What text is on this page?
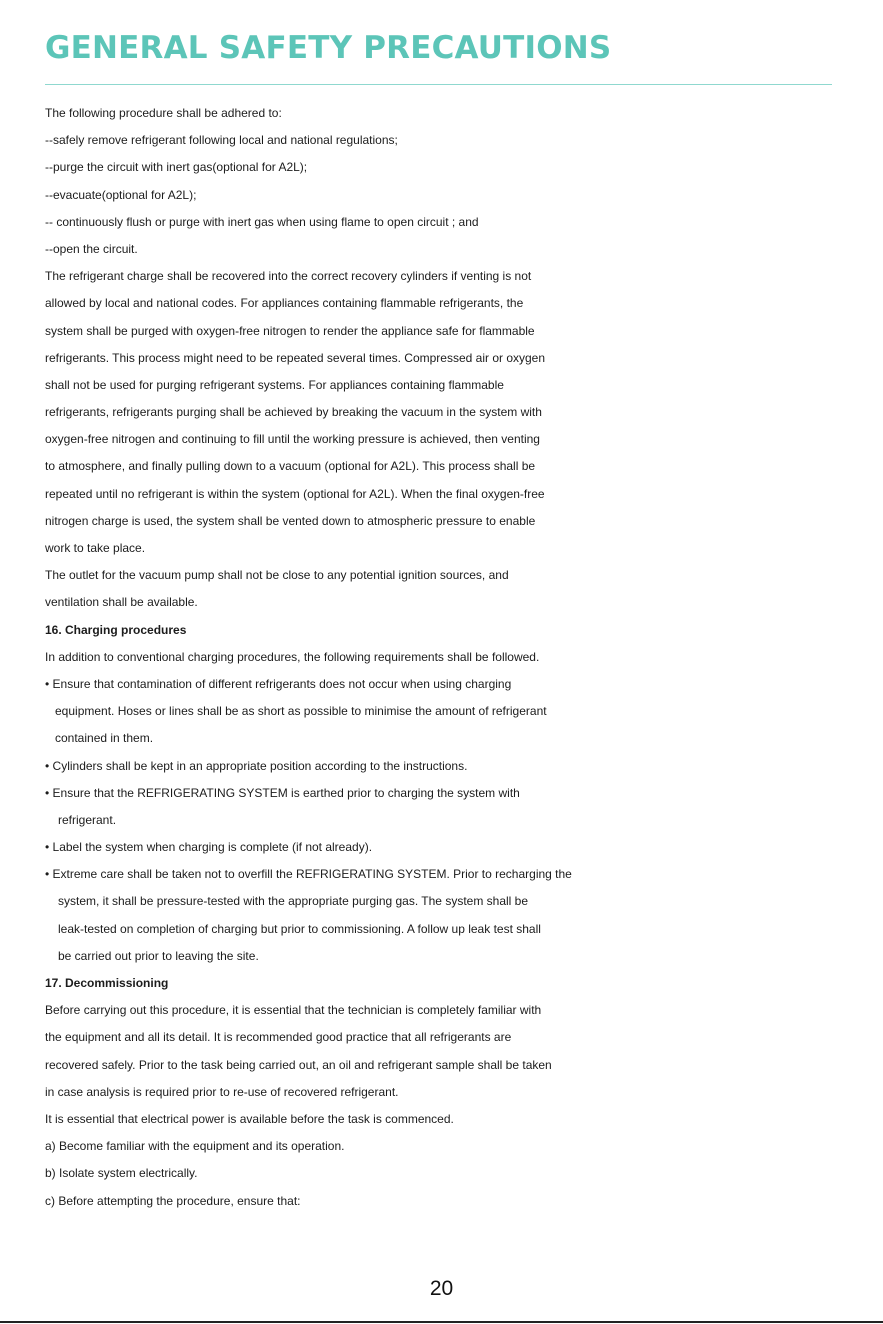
GENERAL SAFETY PRECAUTIONS
The following procedure shall be adhered to:
--safely remove refrigerant following local and national regulations;
--purge the circuit with inert gas(optional for A2L);
--evacuate(optional for A2L);
-- continuously flush or purge with inert gas when using flame to open circuit ; and
--open the circuit.
The refrigerant charge shall be recovered into the correct recovery cylinders if venting is not
allowed by local and national codes. For appliances containing flammable refrigerants, the
system shall be purged with oxygen-free nitrogen to render the appliance safe for flammable
refrigerants. This process might need to be repeated several times. Compressed air or oxygen
shall not be used for purging refrigerant systems. For appliances containing flammable
refrigerants, refrigerants purging shall be achieved by breaking the vacuum in the system with
oxygen-free nitrogen and continuing to fill until the working pressure is achieved, then venting
to atmosphere, and finally pulling down to a vacuum (optional for A2L). This process shall be
repeated until no refrigerant is within the system (optional for A2L). When the final oxygen-free
nitrogen charge is used, the system shall be vented down to atmospheric pressure to enable
work to take place.
The outlet for the vacuum pump shall not be close to any potential ignition sources, and
ventilation shall be available.
16. Charging procedures
In addition to conventional charging procedures, the following requirements shall be followed.
• Ensure that contamination of different refrigerants does not occur when using charging
equipment. Hoses or lines shall be as short as possible to minimise the amount of refrigerant
contained in them.
• Cylinders shall be kept in an appropriate position according to the instructions.
• Ensure that the REFRIGERATING SYSTEM is earthed prior to charging the system with
refrigerant.
• Label the system when charging is complete (if not already).
• Extreme care shall be taken not to overfill the REFRIGERATING SYSTEM. Prior to recharging the
system, it shall be pressure-tested with the appropriate purging gas. The system shall be
leak-tested on completion of charging but prior to commissioning. A follow up leak test shall
be carried out prior to leaving the site.
17. Decommissioning
Before carrying out this procedure, it is essential that the technician is completely familiar with
the equipment and all its detail. It is recommended good practice that all refrigerants are
recovered safely. Prior to the task being carried out, an oil and refrigerant sample shall be taken
in case analysis is required prior to re-use of recovered refrigerant.
It is essential that electrical power is available before the task is commenced.
a) Become familiar with the equipment and its operation.
b) Isolate system electrically.
c) Before attempting the procedure, ensure that:
20
